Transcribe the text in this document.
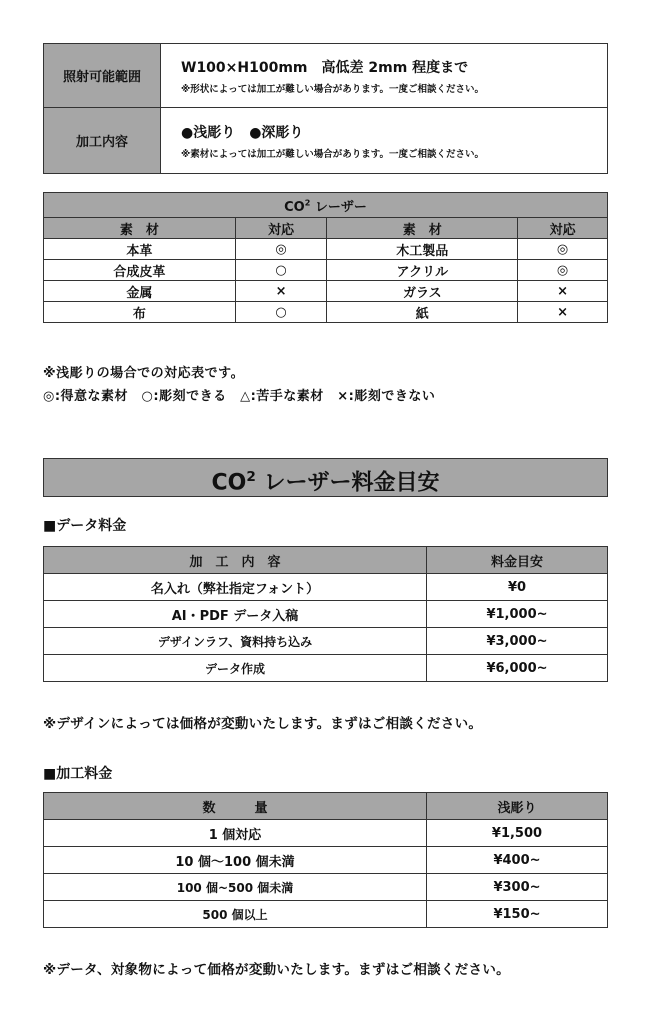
照射可能範囲	W100×H100mm　高低差 2mm 程度まで
※形状によっては加工が難しい場合があります。一度ご相談ください。

加工内容	●浅彫り　●深彫り
※素材によっては加工が難しい場合があります。一度ご相談ください。
$CO^2$ レーザー			
素　材	対応	素　材	対応
本革	◎	木工製品	◎
合成皮革	○	アクリル	◎
金属	×	ガラス	×
布	○	紙	×
※浅彫りの場合での対応表です。
◎:得意な素材　○:彫刻できる　△:苦手な素材　×:彫刻できない
$CO^2$ レーザー料金目安
■データ料金
加　工　内　容	料金目安
名入れ（弊社指定フォント）	¥0
AI・PDF データ入稿	¥1,000~
デザインラフ、資料持ち込み	¥3,000~
データ作成	¥6,000~
※デザインによっては価格が変動いたします。まずはご相談ください。
■加工料金
数　　　量	浅彫り
1 個対応	¥1,500
10 個～100 個未満	¥400~
100 個~500 個未満	¥300~
500 個以上	¥150~
※データ、対象物によって価格が変動いたします。まずはご相談ください。
